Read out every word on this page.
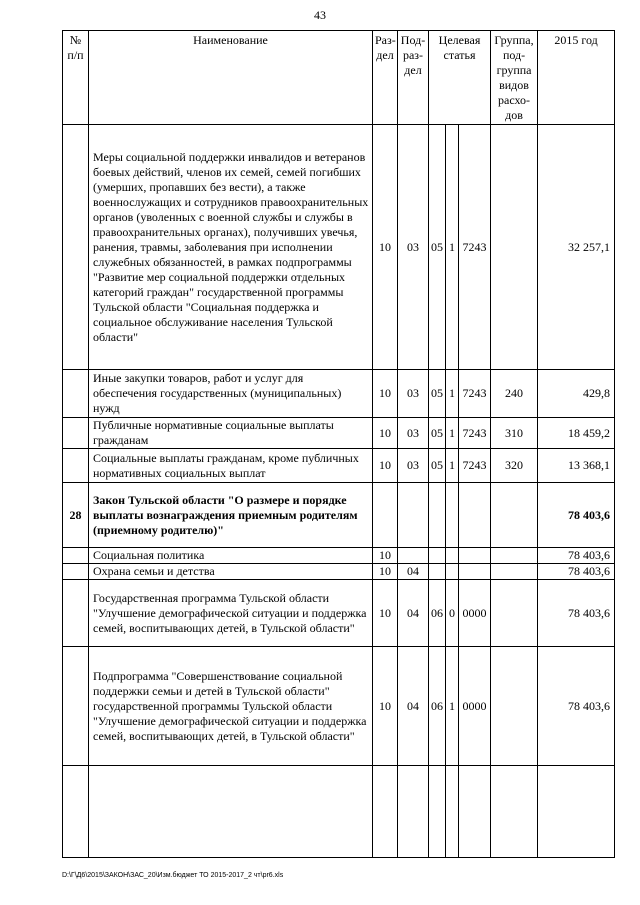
43
№ п/п	Наименование	Раз-дел	Под-раз-дел	Целевая статья			Группа, под-группа видов расхо-дов	2015 год
	Меры социальной поддержки инвалидов и ветеранов боевых действий, членов их семей, семей погибших (умерших, пропавших без вести), а также военнослужащих и сотрудников правоохранительных органов (уволенных с военной службы и службы в правоохранительных органах), получивших увечья, ранения, травмы, заболевания при исполнении служебных обязанностей, в рамках подпрограммы "Развитие мер социальной поддержки отдельных категорий граждан" государственной программы Тульской области "Социальная поддержка и социальное обслуживание населения Тульской области"	10	03	05	1	7243		32 257,1
	Иные закупки товаров, работ и услуг для обеспечения государственных (муниципальных) нужд	10	03	05	1	7243	240	429,8
	Публичные нормативные социальные выплаты гражданам	10	03	05	1	7243	310	18 459,2
	Социальные выплаты гражданам, кроме публичных нормативных социальных выплат	10	03	05	1	7243	320	13 368,1
28	Закон Тульской области "О размере и порядке выплаты вознаграждения приемным родителям (приемному родителю)"							78 403,6
	Социальная политика	10						78 403,6
	Охрана семьи и детства	10	04					78 403,6
	Государственная программа Тульской области "Улучшение демографической ситуации и поддержка семей, воспитывающих детей, в Тульской области"	10	04	06	0	0000		78 403,6
	Подпрограмма "Совершенствование социальной поддержки семьи и детей в Тульской области" государственной программы Тульской области "Улучшение демографической ситуации и поддержка семей, воспитывающих детей, в Тульской области"	10	04	06	1	0000		78 403,6

D:\Г\Д6\2015\ЗАКОН\ЗАС_20\Изм.бюджет ТО 2015-2017_2 чт\pr6.xls
